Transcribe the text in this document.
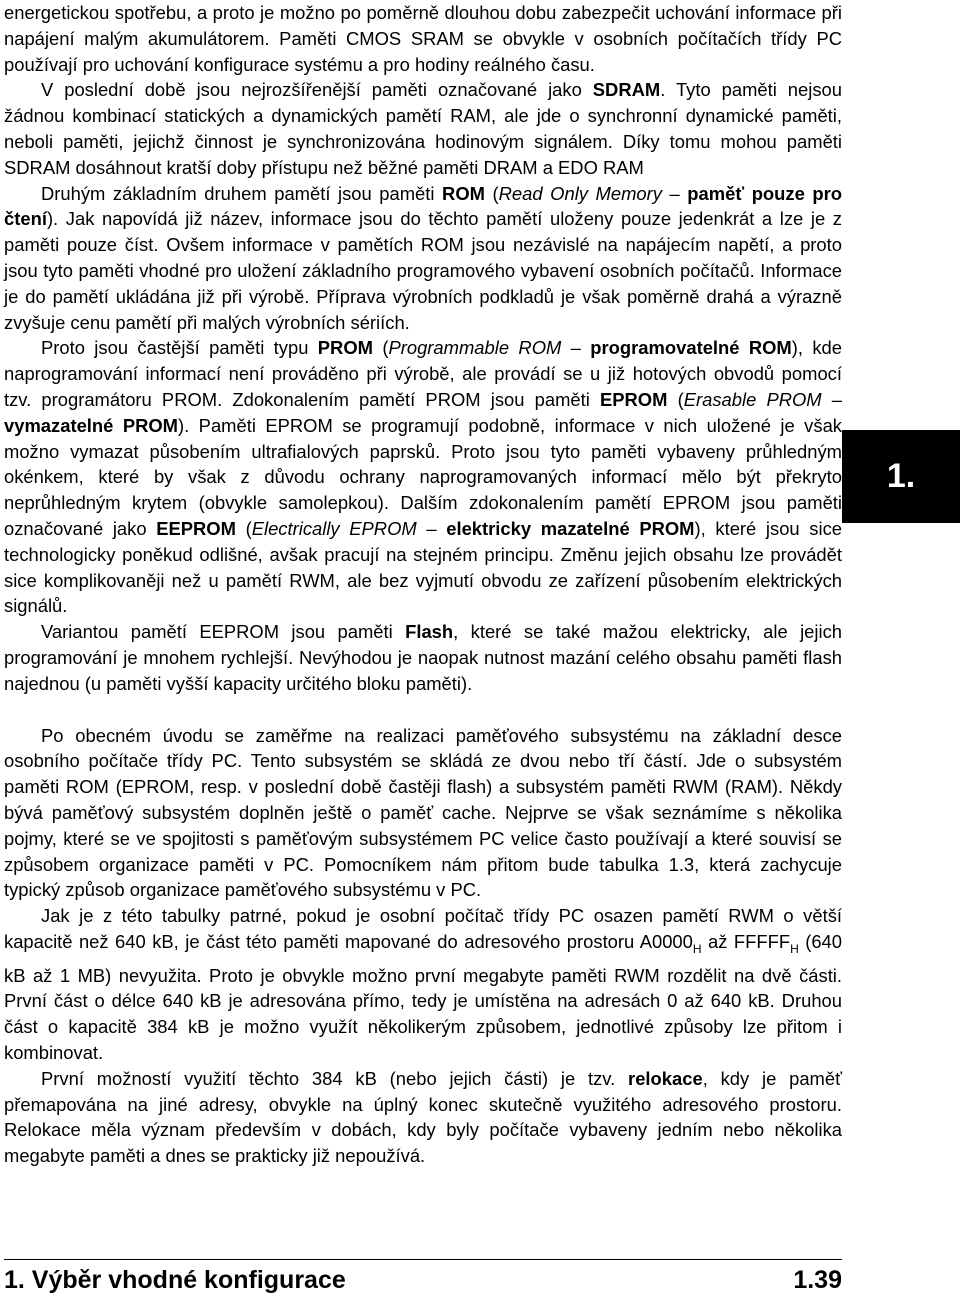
energetickou spotřebu, a proto je možno po poměrně dlouhou dobu zabezpečit uchování informace při napájení malým akumulátorem. Paměti CMOS SRAM se obvykle v osobních počítačích třídy PC používají pro uchování konfigurace systému a pro hodiny reálného času.

V poslední době jsou nejrozšířenější paměti označované jako SDRAM. Tyto paměti nejsou žádnou kombinací statických a dynamických pamětí RAM, ale jde o synchronní dynamické paměti, neboli paměti, jejichž činnost je synchronizována hodinovým signálem. Díky tomu mohou paměti SDRAM dosáhnout kratší doby přístupu než běžné paměti DRAM a EDO RAM

Druhým základním druhem pamětí jsou paměti ROM (Read Only Memory – paměť pouze pro čtení). Jak napovídá již název, informace jsou do těchto pamětí uloženy pouze jedenkrát a lze je z paměti pouze číst. Ovšem informace v pamětích ROM jsou nezávislé na napájecím napětí, a proto jsou tyto paměti vhodné pro uložení základního programového vybavení osobních počítačů. Informace je do pamětí ukládána již při výrobě. Příprava výrobních podkladů je však poměrně drahá a výrazně zvyšuje cenu pamětí při malých výrobních sériích.

Proto jsou častější paměti typu PROM (Programmable ROM – programovatelné ROM), kde naprogramování informací není prováděno při výrobě, ale provádí se u již hotových obvodů pomocí tzv. programátoru PROM. Zdokonalením pamětí PROM jsou paměti EPROM (Erasable PROM – vymazatelné PROM). Paměti EPROM se programují podobně, informace v nich uložené je však možno vymazat působením ultrafialových paprsků. Proto jsou tyto paměti vybaveny průhledným okénkem, které by však z důvodu ochrany naprogramovaných informací mělo být překryto neprůhledným krytem (obvykle samolepkou). Dalším zdokonalením pamětí EPROM jsou paměti označované jako EEPROM (Electrically EPROM – elektricky mazatelné PROM), které jsou sice technologicky poněkud odlišné, avšak pracují na stejném principu. Změnu jejich obsahu lze provádět sice komplikovaněji než u pamětí RWM, ale bez vyjmutí obvodu ze zařízení působením elektrických signálů.

Variantou pamětí EEPROM jsou paměti Flash, které se také mažou elektricky, ale jejich programování je mnohem rychlejší. Nevýhodou je naopak nutnost mazání celého obsahu paměti flash najednou (u paměti vyšší kapacity určitého bloku paměti).

Po obecném úvodu se zaměřme na realizaci paměťového subsystému na základní desce osobního počítače třídy PC. Tento subsystém se skládá ze dvou nebo tří částí. Jde o subsystém paměti ROM (EPROM, resp. v poslední době častěji flash) a subsystém paměti RWM (RAM). Někdy bývá paměťový subsystém doplněn ještě o paměť cache. Nejprve se však seznámíme s několika pojmy, které se ve spojitosti s paměťovým subsystémem PC velice často používají a které souvisí se způsobem organizace paměti v PC. Pomocníkem nám přitom bude tabulka 1.3, která zachycuje typický způsob organizace paměťového subsystému v PC.

Jak je z této tabulky patrné, pokud je osobní počítač třídy PC osazen pamětí RWM o větší kapacitě než 640 kB, je část této paměti mapované do adresového prostoru $A0000_H$ až $FFFFF_H$ (640 kB až 1 MB) nevyužita. Proto je obvykle možno první megabyte paměti RWM rozdělit na dvě části. První část o délce 640 kB je adresována přímo, tedy je umístěna na adresách 0 až 640 kB. Druhou část o kapacitě 384 kB je možno využít několikerým způsobem, jednotlivé způsoby lze přitom i kombinovat.

První možností využití těchto 384 kB (nebo jejich části) je tzv. relokace, kdy je paměť přemapována na jiné adresy, obvykle na úplný konec skutečně využitého adresového prostoru. Relokace měla význam především v dobách, kdy byly počítače vybaveny jedním nebo několika megabyte paměti a dnes se prakticky již nepoužívá.

1.
1. Výběr vhodné konfigurace	1.39
